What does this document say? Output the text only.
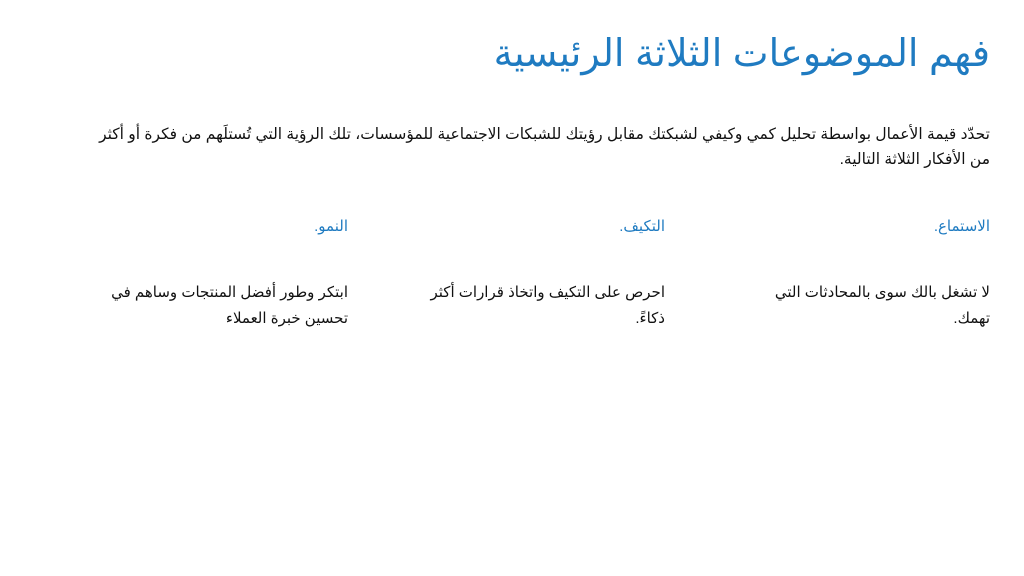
فهم الموضوعات الثلاثة الرئيسية

تحدّد قيمة الأعمال بواسطة تحليل كمي وكيفي لشبكتك مقابل رؤيتك للشبكات الاجتماعية للمؤسسات، تلك الرؤية التي تُستلَهم من فكرة أو أكثر من الأفكار الثلاثة التالية.

الاستماع.

لا تشغل بالك سوى بالمحادثات التي تهمك.

التكيف.

احرص على التكيف واتخاذ قرارات أكثر ذكاءً.

النمو.

ابتكر وطور أفضل المنتجات وساهم في تحسين خبرة العملاء
